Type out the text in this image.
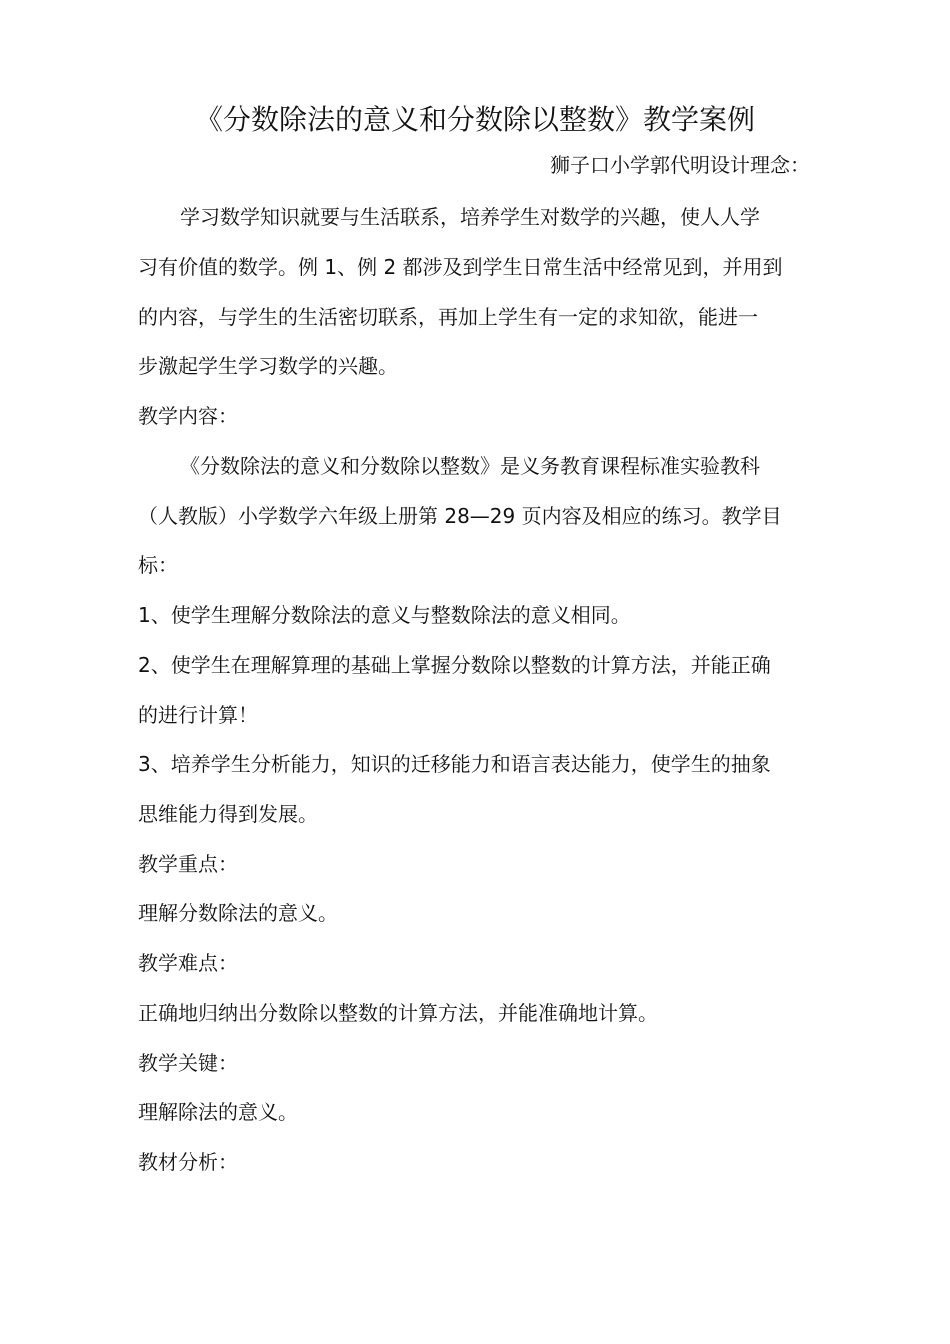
《分数除法的意义和分数除以整数》教学案例
狮子口小学郭代明设计理念：
学习数学知识就要与生活联系，培养学生对数学的兴趣，使人人学
习有价值的数学。例 1、例 2 都涉及到学生日常生活中经常见到，并用到
的内容，与学生的生活密切联系，再加上学生有一定的求知欲，能进一
步激起学生学习数学的兴趣。
教学内容：
《分数除法的意义和分数除以整数》是义务教育课程标准实验教科
（人教版）小学数学六年级上册第 28—29 页内容及相应的练习。教学目
标：
1、使学生理解分数除法的意义与整数除法的意义相同。
2、使学生在理解算理的基础上掌握分数除以整数的计算方法，并能正确
的进行计算！
3、培养学生分析能力，知识的迁移能力和语言表达能力，使学生的抽象
思维能力得到发展。
教学重点：
理解分数除法的意义。
教学难点：
正确地归纳出分数除以整数的计算方法，并能准确地计算。
教学关键：
理解除法的意义。
教材分析：
